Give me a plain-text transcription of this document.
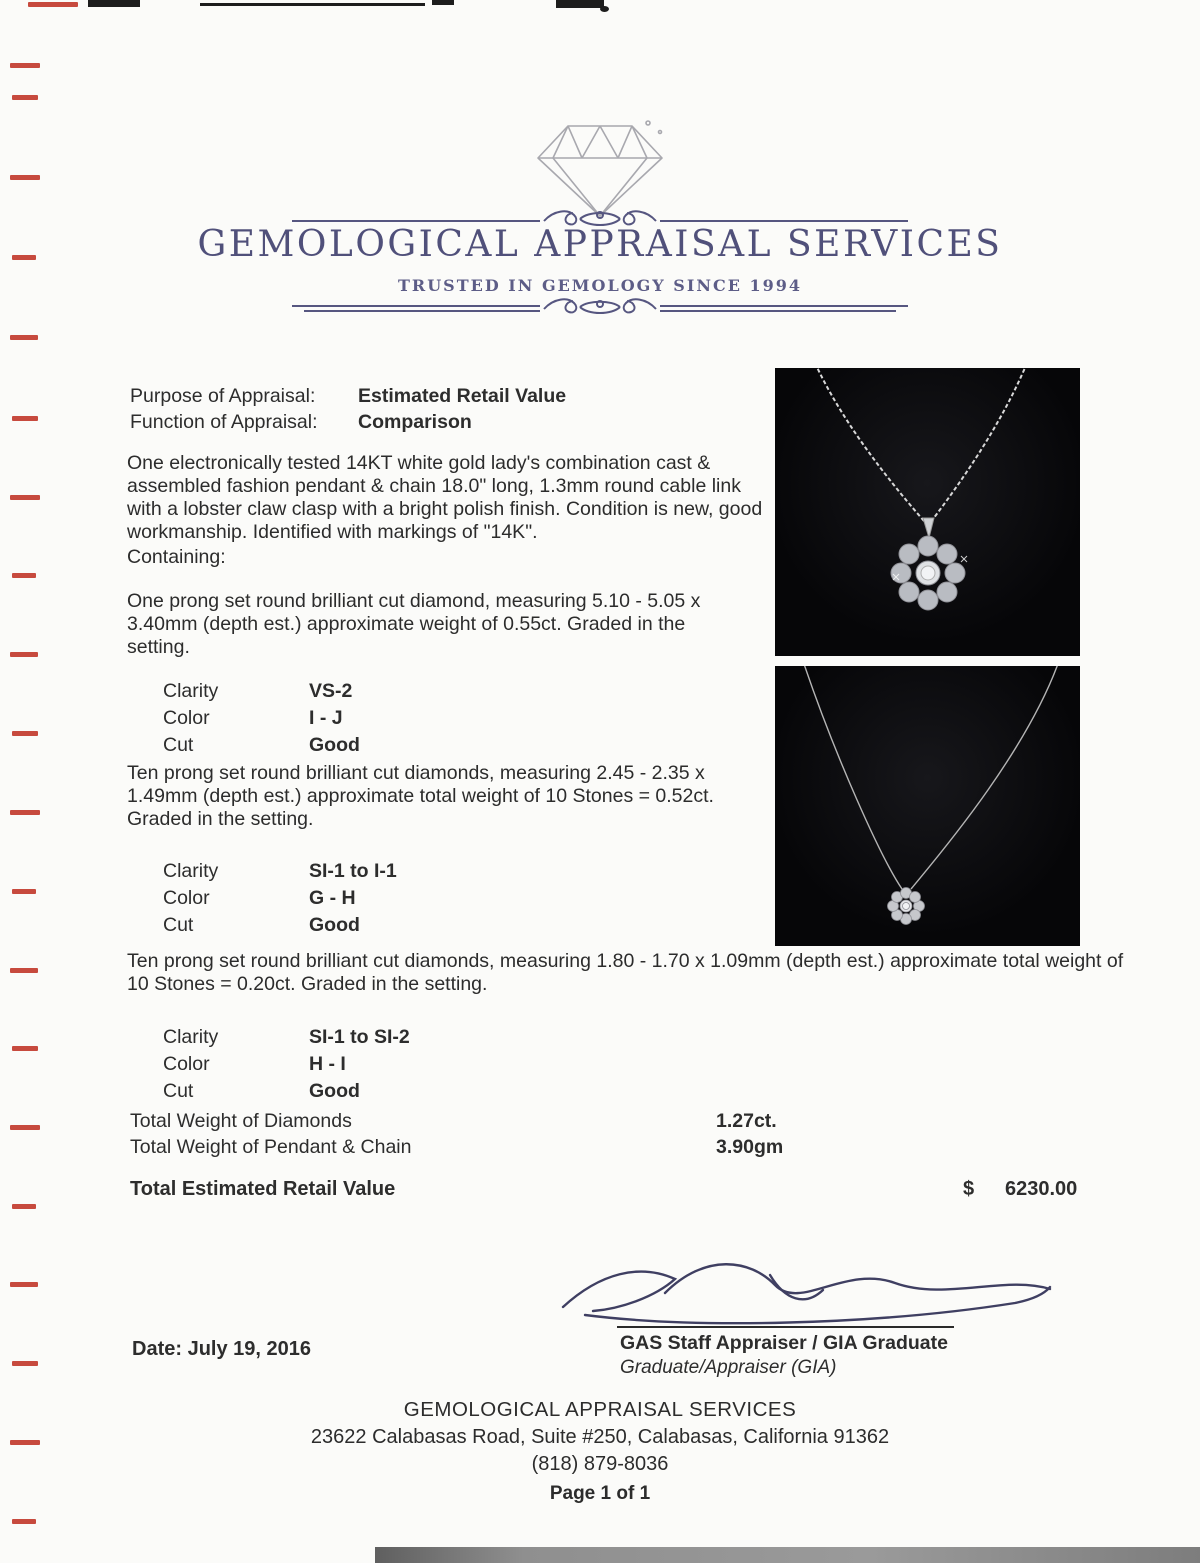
GEMOLOGICAL APPRAISAL SERVICES
TRUSTED IN GEMOLOGY SINCE 1994
Purpose of Appraisal:	Estimated Retail Value
Function of Appraisal:	Comparison
One electronically tested 14KT white gold lady's combination cast & assembled fashion pendant & chain 18.0" long, 1.3mm round cable link with a lobster claw clasp with a bright polish finish. Condition is new, good workmanship. Identified with markings of "14K".
Containing:
One prong set round brilliant cut diamond, measuring 5.10 - 5.05 x 3.40mm (depth est.) approximate weight of 0.55ct. Graded in the setting.
Clarity	VS-2
Color	I - J
Cut	Good
Ten prong set round brilliant cut diamonds, measuring 2.45 - 2.35 x 1.49mm (depth est.) approximate total weight of 10 Stones = 0.52ct. Graded in the setting.
Clarity	SI-1 to I-1
Color	G - H
Cut	Good
Ten prong set round brilliant cut diamonds, measuring 1.80 - 1.70 x 1.09mm (depth est.) approximate total weight of 10 Stones = 0.20ct. Graded in the setting.
Clarity	SI-1 to SI-2
Color	H - I
Cut	Good
Total Weight of Diamonds	1.27ct.
Total Weight of Pendant & Chain	3.90gm
Total Estimated Retail Value	$ 6230.00
GAS Staff Appraiser / GIA Graduate
Graduate/Appraiser (GIA)
Date: July 19, 2016
GEMOLOGICAL APPRAISAL SERVICES
23622 Calabasas Road, Suite #250, Calabasas, California 91362
(818) 879-8036
Page 1 of 1
